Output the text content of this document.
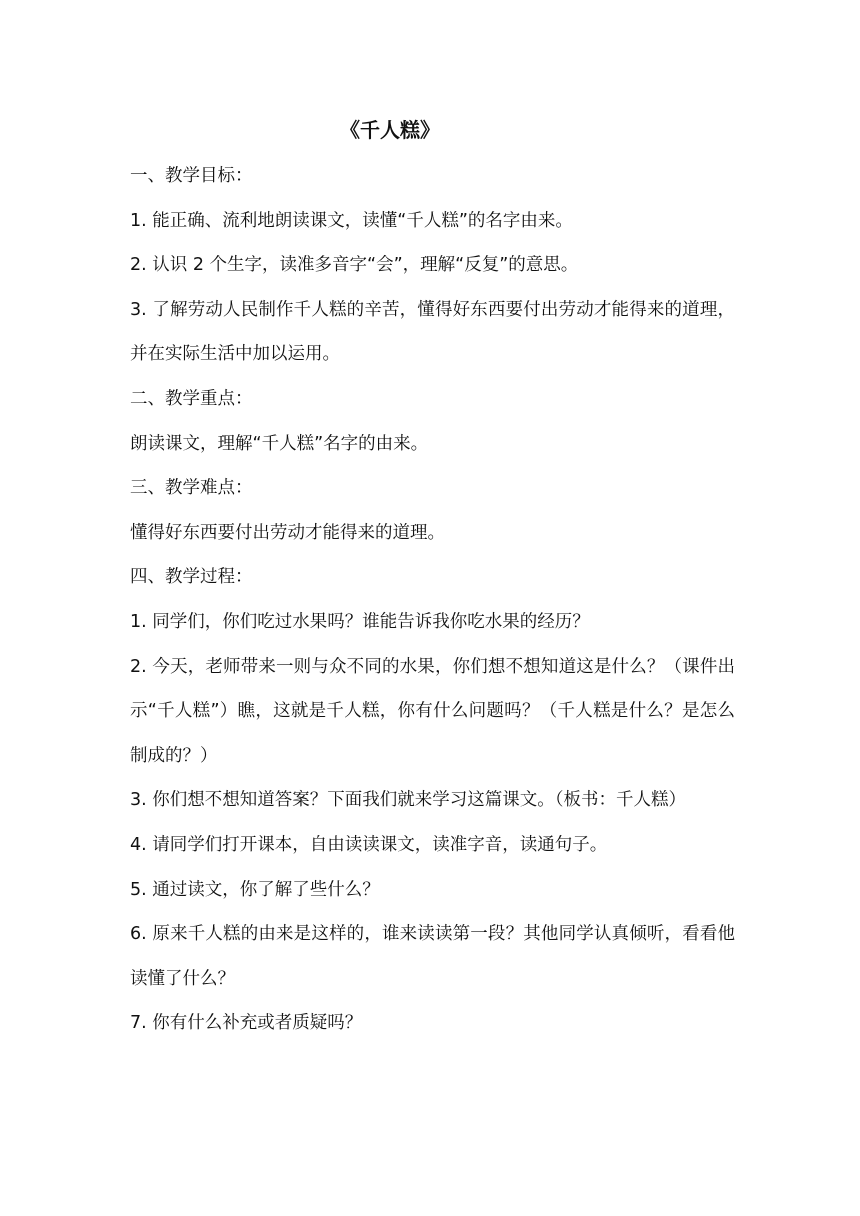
《千人糕》

一、教学目标：

1. 能正确、流利地朗读课文，读懂“千人糕”的名字由来。

2. 认识 2 个生字，读准多音字“会”，理解“反复”的意思。

3. 了解劳动人民制作千人糕的辛苦，懂得好东西要付出劳动才能得来的道理，并在实际生活中加以运用。

二、教学重点：

朗读课文，理解“千人糕”名字的由来。

三、教学难点：

懂得好东西要付出劳动才能得来的道理。

四、教学过程：

1. 同学们，你们吃过水果吗？谁能告诉我你吃水果的经历？

2. 今天，老师带来一则与众不同的水果，你们想不想知道这是什么？（课件出示“千人糕”）瞧，这就是千人糕，你有什么问题吗？（千人糕是什么？是怎么制成的？）

3. 你们想不想知道答案？下面我们就来学习这篇课文。（板书：千人糕）

4. 请同学们打开课本，自由读读课文，读准字音，读通句子。

5. 通过读文，你了解了些什么？

6. 原来千人糕的由来是这样的，谁来读读第一段？其他同学认真倾听，看看他读懂了什么？

7. 你有什么补充或者质疑吗？
